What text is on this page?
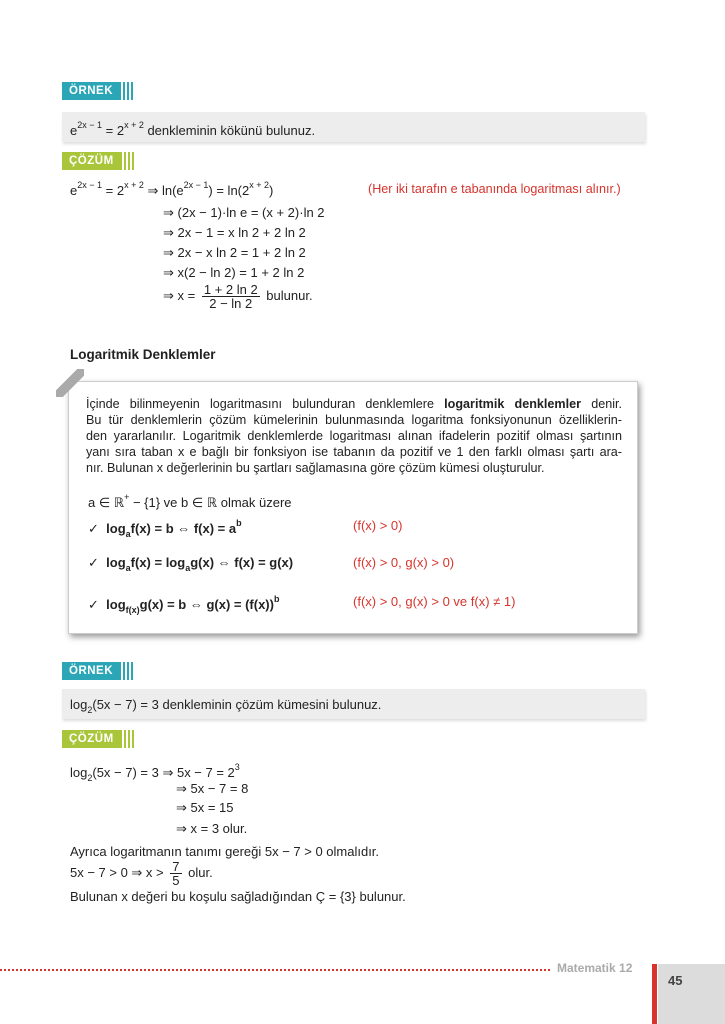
ÖRNEK
$e^{2x - 1} = 2^{x + 2}$ denkleminin kökünü bulunuz.
ÇÖZÜM
$e^{2x - 1} = 2^{x + 2}$ ⇒ $\ln(e^{2x - 1}) = \ln(2^{x + 2})$
⇒ (2x − 1)·ln e = (x + 2)·ln 2
⇒ 2x − 1 = x ln 2 + 2 ln 2
⇒ 2x − x ln 2 = 1 + 2 ln 2
⇒ x(2 − ln 2) = 1 + 2 ln 2
⇒ $x = \frac{1 + 2 \ln 2}{2 - \ln 2}$ bulunur.
(Her iki tarafın e tabanında logaritması alınır.)
Logaritmik Denklemler

İçinde bilinmeyenin logaritmasını bulunduran denklemlere logaritmik denklemler denir.

Bu tür denklemlerin çözüm kümelerinin bulunmasında logaritma fonksiyonunun özelliklerin-

den yararlanılır. Logaritmik denklemlerde logaritması alınan ifadelerin pozitif olması şartının

yanı sıra taban x e bağlı bir fonksiyon ise tabanın da pozitif ve 1 den farklı olması şartı ara-

nır. Bulunan x değerlerinin bu şartları sağlamasına göre çözüm kümesi oluşturulur.

a ∈ ℝ+ − {1} ve b ∈ ℝ olmak üzere
✓ $\log_af(x) = b$ ⇔ $f(x) = a^b$	(f(x) > 0)
✓ $\log_af(x) = \log_ag(x)$ ⇔ f(x) = g(x)	(f(x) > 0, g(x) > 0)
✓ $\log_{f(x)}g(x) = b$ ⇔ $g(x) = (f(x))^b$	(f(x) > 0, g(x) > 0 ve f(x) ≠ 1)
ÖRNEK
$\log_2(5x - 7) = 3$ denkleminin çözüm kümesini bulunuz.
ÇÖZÜM
$\log_2(5x - 7) = 3$ ⇒ $5x - 7 = 2^3$
⇒ 5x − 7 = 8
⇒ 5x = 15
⇒ x = 3 olur.
Ayrıca logaritmanın tanımı gereği 5x − 7 > 0 olmalıdır.
5x − 7 > 0 ⇒ $x > \frac{7}{5}$ olur.
Bulunan x değeri bu koşulu sağladığından Ç = {3} bulunur.
Matematik 12
45
